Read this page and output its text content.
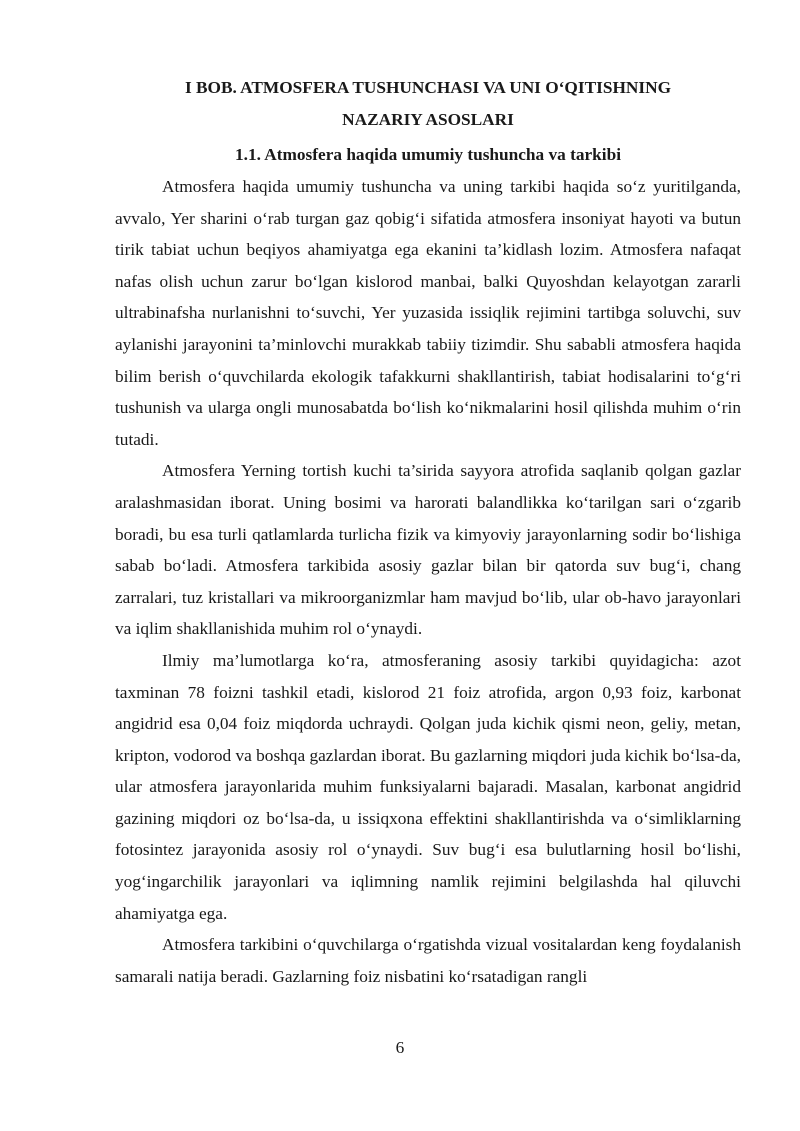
I BOB. ATMOSFERA TUSHUNCHASI VA UNI O‘QITISHNING
NAZARIY ASOSLARI
1.1. Atmosfera haqida umumiy tushuncha va tarkibi

Atmosfera haqida umumiy tushuncha va uning tarkibi haqida so‘z yuritilganda, avvalo, Yer sharini o‘rab turgan gaz qobig‘i sifatida atmosfera insoniyat hayoti va butun tirik tabiat uchun beqiyos ahamiyatga ega ekanini ta’kidlash lozim. Atmosfera nafaqat nafas olish uchun zarur bo‘lgan kislorod manbai, balki Quyoshdan kelayotgan zararli ultrabinafsha nurlanishni to‘suvchi, Yer yuzasida issiqlik rejimini tartibga soluvchi, suv aylanishi jarayonini ta’minlovchi murakkab tabiiy tizimdir. Shu sababli atmosfera haqida bilim berish o‘quvchilarda ekologik tafakkurni shakllantirish, tabiat hodisalarini to‘g‘ri tushunish va ularga ongli munosabatda bo‘lish ko‘nikmalarini hosil qilishda muhim o‘rin tutadi.

Atmosfera Yerning tortish kuchi ta’sirida sayyora atrofida saqlanib qolgan gazlar aralashmasidan iborat. Uning bosimi va harorati balandlikka ko‘tarilgan sari o‘zgarib boradi, bu esa turli qatlamlarda turlicha fizik va kimyoviy jarayonlarning sodir bo‘lishiga sabab bo‘ladi. Atmosfera tarkibida asosiy gazlar bilan bir qatorda suv bug‘i, chang zarralari, tuz kristallari va mikroorganizmlar ham mavjud bo‘lib, ular ob-havo jarayonlari va iqlim shakllanishida muhim rol o‘ynaydi.

Ilmiy ma’lumotlarga ko‘ra, atmosferaning asosiy tarkibi quyidagicha: azot taxminan 78 foizni tashkil etadi, kislorod 21 foiz atrofida, argon 0,93 foiz, karbonat angidrid esa 0,04 foiz miqdorda uchraydi. Qolgan juda kichik qismi neon, geliy, metan, kripton, vodorod va boshqa gazlardan iborat. Bu gazlarning miqdori juda kichik bo‘lsa-da, ular atmosfera jarayonlarida muhim funksiyalarni bajaradi. Masalan, karbonat angidrid gazining miqdori oz bo‘lsa-da, u issiqxona effektini shakllantirishda va o‘simliklarning fotosintez jarayonida asosiy rol o‘ynaydi. Suv bug‘i esa bulutlarning hosil bo‘lishi, yog‘ingarchilik jarayonlari va iqlimning namlik rejimini belgilashda hal qiluvchi ahamiyatga ega.

Atmosfera tarkibini o‘quvchilarga o‘rgatishda vizual vositalardan keng foydalanish samarali natija beradi. Gazlarning foiz nisbatini ko‘rsatadigan rangli

6
